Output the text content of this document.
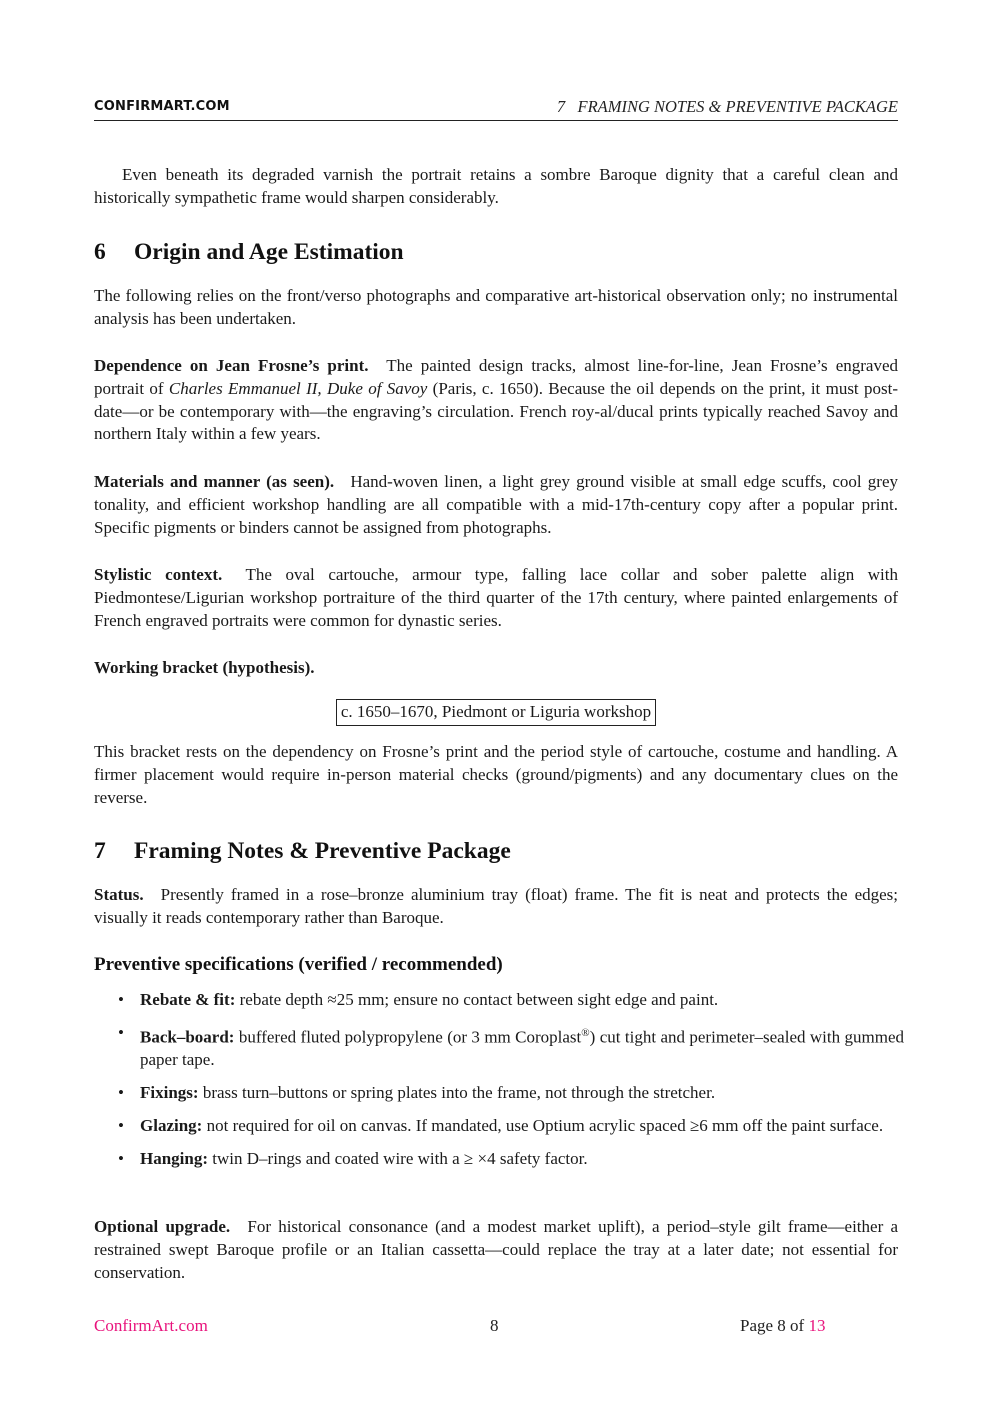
CONFIRMART.COM	7   FRAMING NOTES & PREVENTIVE PACKAGE

Even beneath its degraded varnish the portrait retains a sombre Baroque dignity that a careful clean and historically sympathetic frame would sharpen considerably.

6 Origin and Age Estimation

The following relies on the front/verso photographs and comparative art-historical observation only; no instrumental analysis has been undertaken.

Dependence on Jean Frosne’s print. The painted design tracks, almost line-for-line, Jean Frosne’s engraved portrait of Charles Emmanuel II, Duke of Savoy (Paris, c. 1650). Because the oil depends on the print, it must post-date—or be contemporary with—the engraving’s circulation. French roy-al/ducal prints typically reached Savoy and northern Italy within a few years.

Materials and manner (as seen). Hand-woven linen, a light grey ground visible at small edge scuffs, cool grey tonality, and efficient workshop handling are all compatible with a mid-17th-century copy after a popular print. Specific pigments or binders cannot be assigned from photographs.

Stylistic context. The oval cartouche, armour type, falling lace collar and sober palette align with Piedmontese/Ligurian workshop portraiture of the third quarter of the 17th century, where painted enlargements of French engraved portraits were common for dynastic series.

Working bracket (hypothesis).

c. 1650–1670, Piedmont or Liguria workshop

This bracket rests on the dependency on Frosne’s print and the period style of cartouche, costume and handling. A firmer placement would require in-person material checks (ground/pigments) and any documentary clues on the reverse.

7 Framing Notes & Preventive Package

Status. Presently framed in a rose–bronze aluminium tray (float) frame. The fit is neat and protects the edges; visually it reads contemporary rather than Baroque.

Preventive specifications (verified / recommended)
• Rebate & fit: rebate depth ≈25 mm; ensure no contact between sight edge and paint.
• Back–board: buffered fluted polypropylene (or 3 mm Coroplast®) cut tight and perimeter–sealed with gummed paper tape.
• Fixings: brass turn–buttons or spring plates into the frame, not through the stretcher.
• Glazing: not required for oil on canvas. If mandated, use Optium acrylic spaced ≥6 mm off the paint surface.
• Hanging: twin D–rings and coated wire with a ≥ ×4 safety factor.

Optional upgrade. For historical consonance (and a modest market uplift), a period–style gilt frame—either a restrained swept Baroque profile or an Italian cassetta—could replace the tray at a later date; not essential for conservation.

ConfirmArt.com	8	Page 8 of 13
